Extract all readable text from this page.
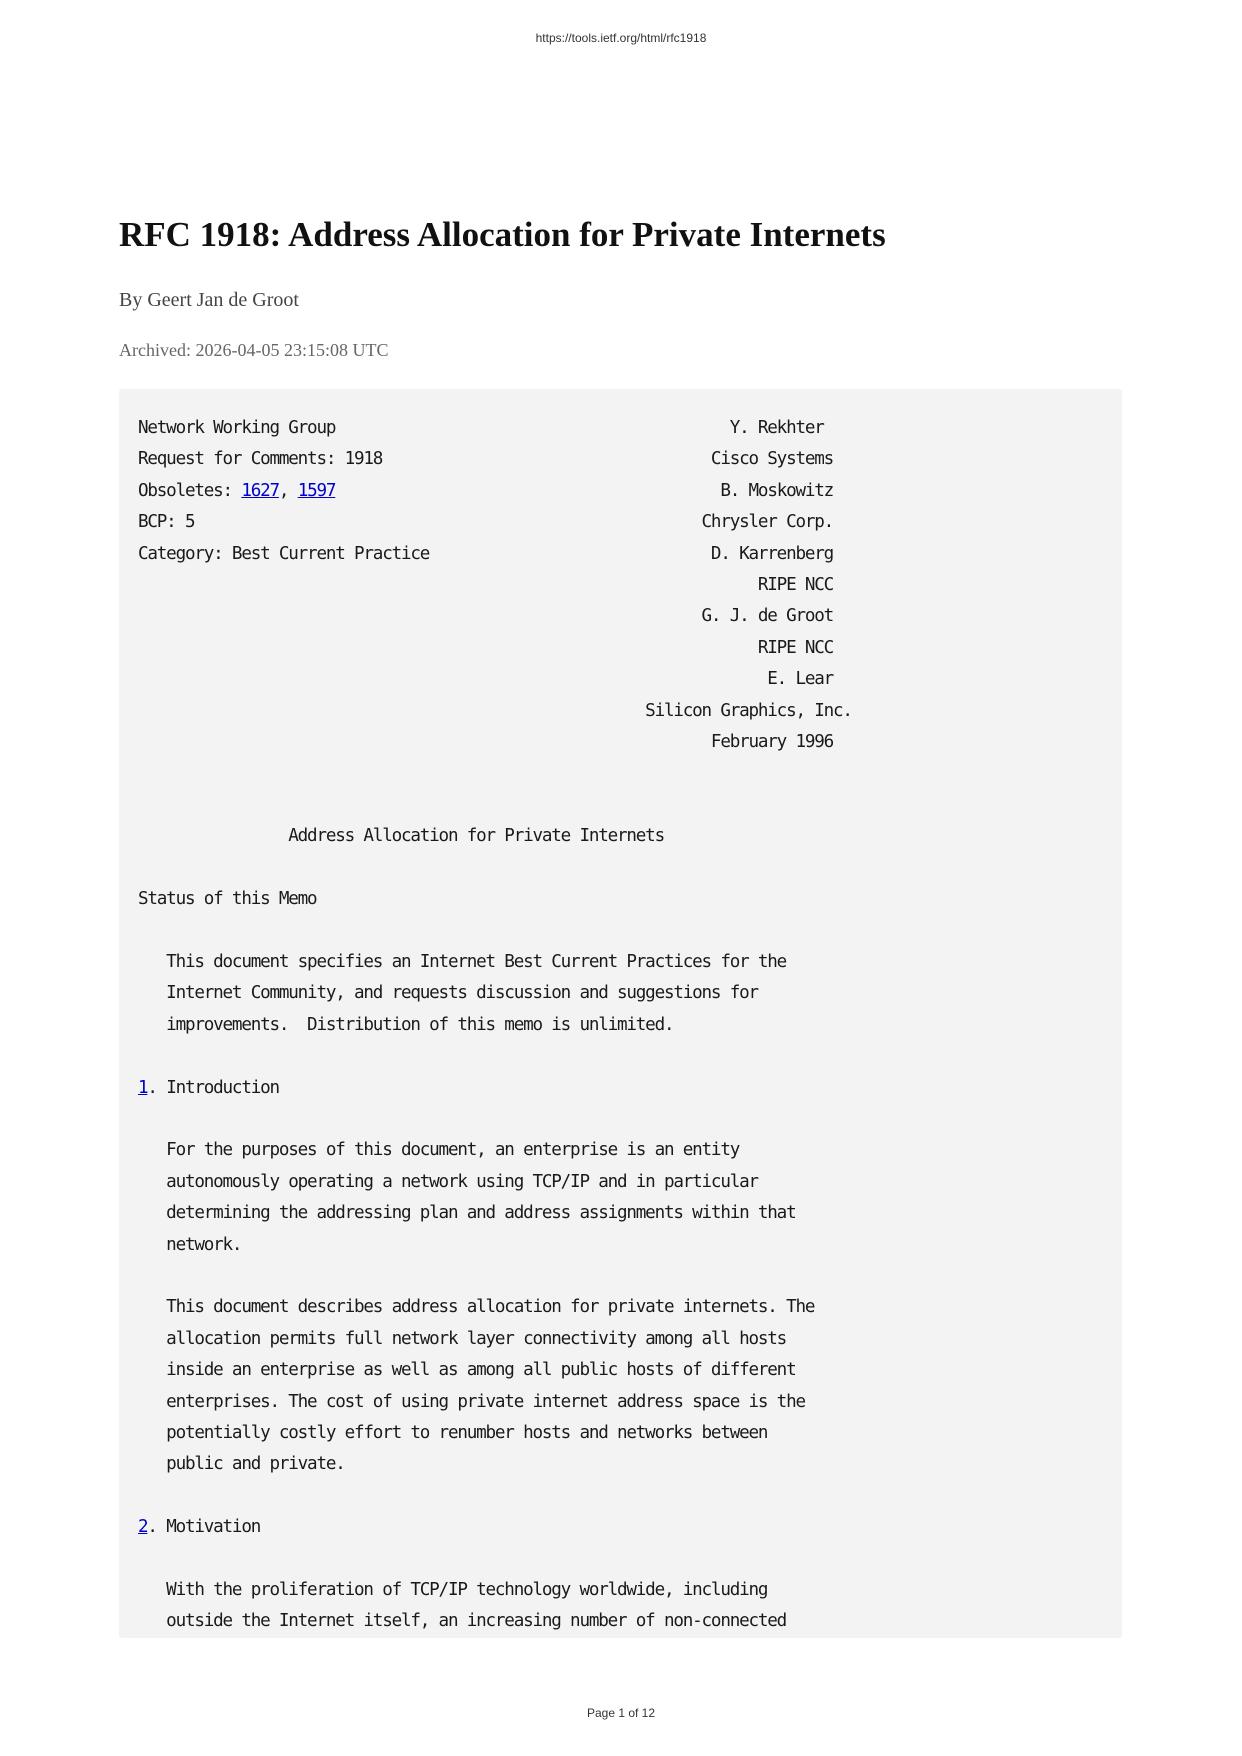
https://tools.ietf.org/html/rfc1918
RFC 1918: Address Allocation for Private Internets
By Geert Jan de Groot
Archived: 2026-04-05 23:15:08 UTC
Network Working Group                                          Y. Rekhter
Request for Comments: 1918                                   Cisco Systems
Obsoletes: 1627, 1597                                         B. Moskowitz
BCP: 5                                                      Chrysler Corp.
Category: Best Current Practice                              D. Karrenberg
RIPE NCC
G. J. de Groot
RIPE NCC
E. Lear
Silicon Graphics, Inc.
February 1996

Address Allocation for Private Internets

Status of this Memo

This document specifies an Internet Best Current Practices for the
Internet Community, and requests discussion and suggestions for
improvements.  Distribution of this memo is unlimited.

1. Introduction

For the purposes of this document, an enterprise is an entity
autonomously operating a network using TCP/IP and in particular
determining the addressing plan and address assignments within that
network.

This document describes address allocation for private internets. The
allocation permits full network layer connectivity among all hosts
inside an enterprise as well as among all public hosts of different
enterprises. The cost of using private internet address space is the
potentially costly effort to renumber hosts and networks between
public and private.

2. Motivation

With the proliferation of TCP/IP technology worldwide, including
outside the Internet itself, an increasing number of non-connected
Page 1 of 12
